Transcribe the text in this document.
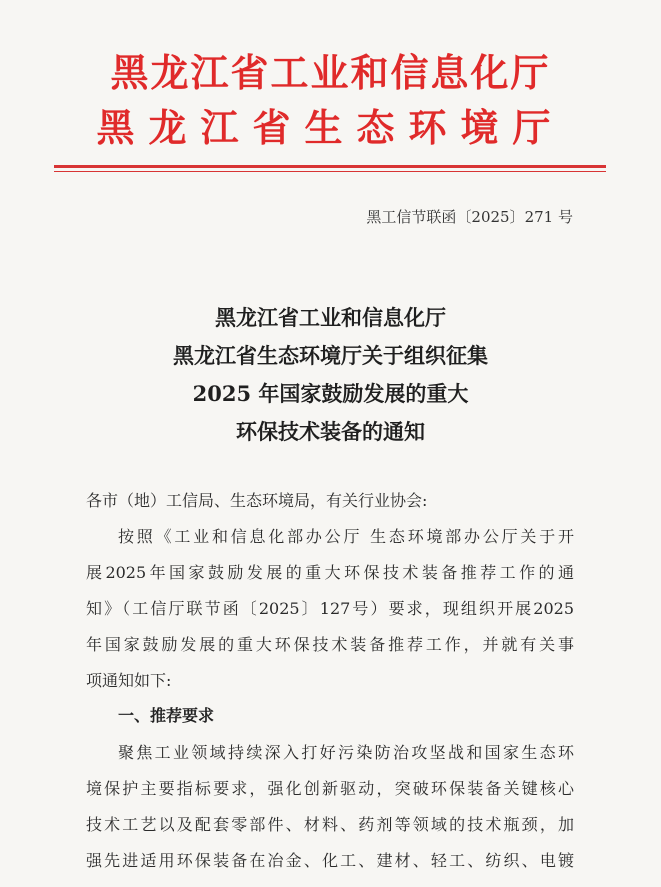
黑龙江省工业和信息化厅
黑龙江省生态环境厅
黑工信节联函〔2025〕271 号
黑龙江省工业和信息化厅
黑龙江省生态环境厅关于组织征集
2025 年国家鼓励发展的重大
环保技术装备的通知
各市（地）工信局、生态环境局，有关行业协会:
按照《工业和信息化部办公厅 生态环境部办公厅关于开
展2025年国家鼓励发展的重大环保技术装备推荐工作的通
知》（工信厅联节函〔2025〕127号）要求，现组织开展2025
年国家鼓励发展的重大环保技术装备推荐工作，并就有关事
项通知如下:
一、推荐要求
聚焦工业领域持续深入打好污染防治攻坚战和国家生态环
境保护主要指标要求，强化创新驱动，突破环保装备关键核心
技术工艺以及配套零部件、材料、药剂等领域的技术瓶颈，加
强先进适用环保装备在冶金、化工、建材、轻工、纺织、电镀
